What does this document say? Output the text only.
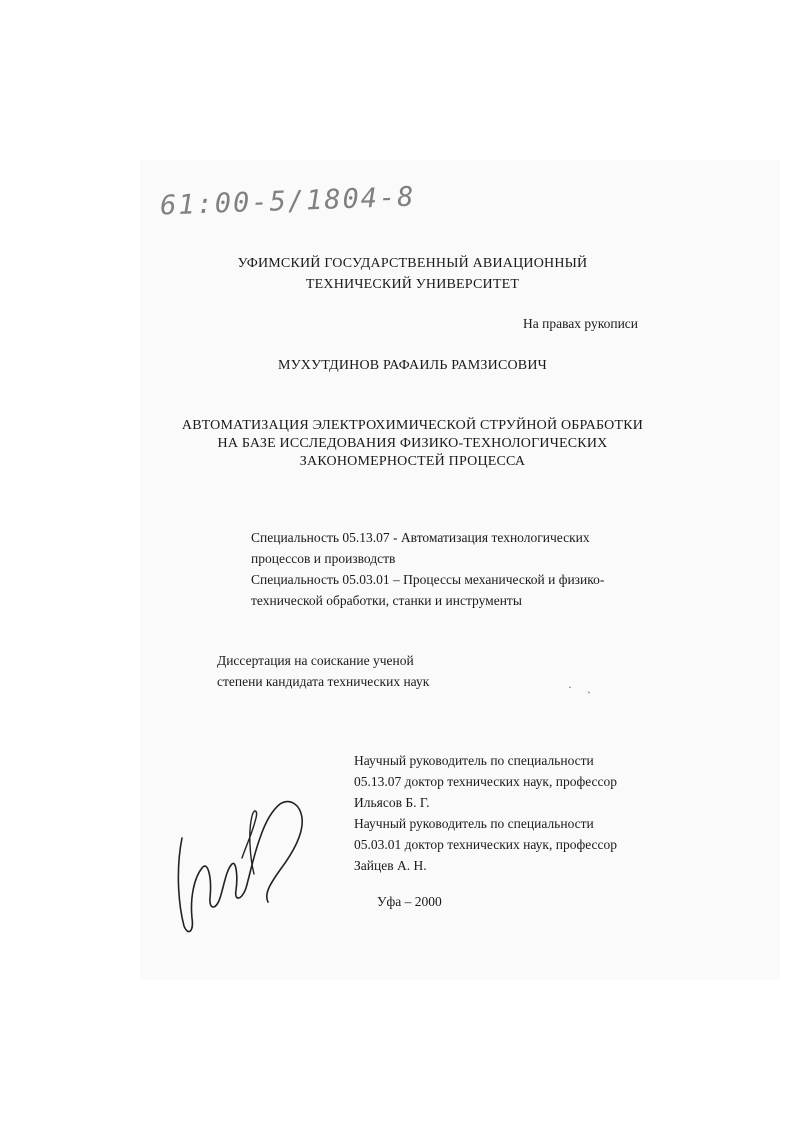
61:00-5/1804-8
УФИМСКИЙ ГОСУДАРСТВЕННЫЙ АВИАЦИОННЫЙ
ТЕХНИЧЕСКИЙ УНИВЕРСИТЕТ
На правах рукописи
МУХУТДИНОВ РАФАИЛЬ РАМЗИСОВИЧ
АВТОМАТИЗАЦИЯ ЭЛЕКТРОХИМИЧЕСКОЙ СТРУЙНОЙ ОБРАБОТКИ
НА БАЗЕ ИССЛЕДОВАНИЯ ФИЗИКО-ТЕХНОЛОГИЧЕСКИХ
ЗАКОНОМЕРНОСТЕЙ ПРОЦЕССА
Специальность 05.13.07 - Автоматизация технологических
процессов и производств
Специальность 05.03.01 – Процессы механической и физико-
технической обработки, станки и инструменты
Диссертация на соискание ученой
степени кандидата технических наук	·     ˎ
Научный руководитель по специальности
05.13.07 доктор технических наук, профессор
Ильясов Б. Г.
Научный руководитель по специальности
05.03.01 доктор технических наук, профессор
Зайцев А. Н.
Уфа – 2000
